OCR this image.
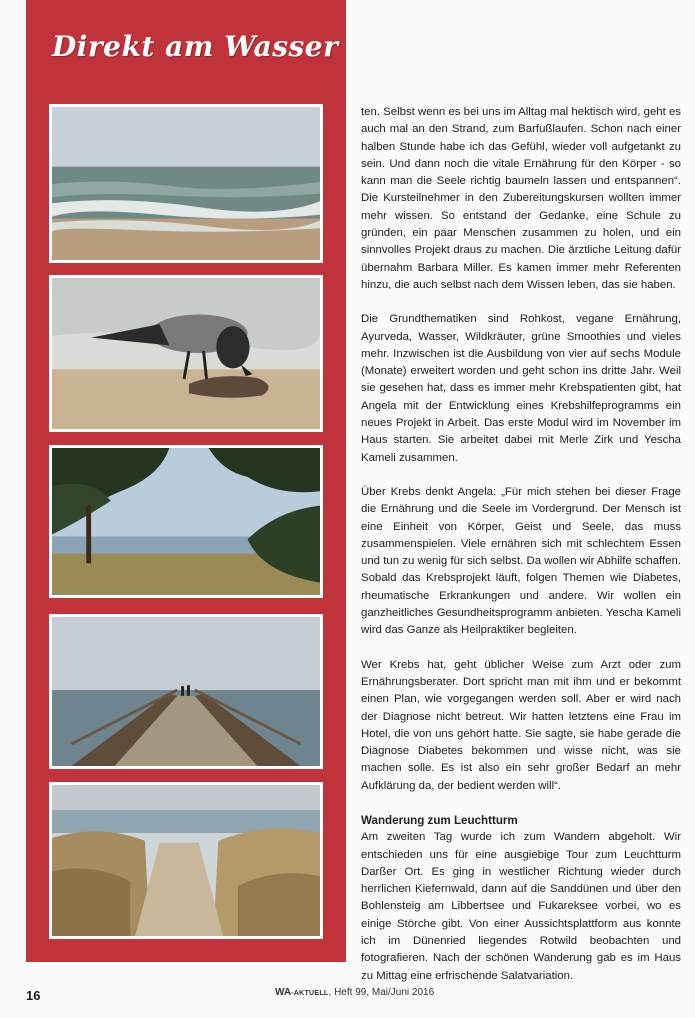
Direkt am Wasser

ten. Selbst wenn es bei uns im Alltag mal hektisch wird, geht es auch mal an den Strand, zum Barfußlaufen. Schon nach einer halben Stunde habe ich das Gefühl, wieder voll aufgetankt zu sein. Und dann noch die vitale Ernährung für den Körper - so kann man die Seele richtig baumeln lassen und entspannen“. Die Kursteilnehmer in den Zubereitungskursen wollten immer mehr wissen. So entstand der Gedanke, eine Schule zu gründen, ein paar Menschen zusammen zu holen, und ein sinnvolles Projekt draus zu machen. Die ärztliche Leitung dafür übernahm Barbara Miller. Es kamen immer mehr Referenten hinzu, die auch selbst nach dem Wissen leben, das sie haben.

Die Grundthematiken sind Rohkost, vegane Ernährung, Ayurveda, Wasser, Wildkräuter, grüne Smoothies und vieles mehr. Inzwischen ist die Ausbildung von vier auf sechs Module (Monate) erweitert worden und geht schon ins dritte Jahr. Weil sie gesehen hat, dass es immer mehr Krebspatienten gibt, hat Angela mit der Entwicklung eines Krebshilfeprogramms ein neues Projekt in Arbeit. Das erste Modul wird im November im Haus starten. Sie arbeitet dabei mit Merle Zirk und Yescha Kameli zusammen.

Über Krebs denkt Angela: „Für mich stehen bei dieser Frage die Ernährung und die Seele im Vordergrund. Der Mensch ist eine Einheit von Körper, Geist und Seele, das muss zusammenspielen. Viele ernähren sich mit schlechtem Essen und tun zu wenig für sich selbst. Da wollen wir Abhilfe schaffen. Sobald das Krebsprojekt läuft, folgen Themen wie Diabetes, rheumatische Erkrankungen und andere. Wir wollen ein ganzheitliches Gesundheitsprogramm anbieten. Yescha Kameli wird das Ganze als Heilpraktiker begleiten.

Wer Krebs hat, geht üblicher Weise zum Arzt oder zum Ernährungsberater. Dort spricht man mit ihm und er bekommt einen Plan, wie vorgegangen werden soll. Aber er wird nach der Diagnose nicht betreut. Wir hatten letztens eine Frau im Hotel, die von uns gehört hatte. Sie sagte, sie habe gerade die Diagnose Diabetes bekommen und wisse nicht, was sie machen solle. Es ist also ein sehr großer Bedarf an mehr Aufklärung da, der bedient werden will“.

Wanderung zum Leuchtturm

Am zweiten Tag wurde ich zum Wandern abgeholt. Wir entschieden uns für eine ausgiebige Tour zum Leuchtturm Darßer Ort. Es ging in westlicher Richtung wieder durch herrlichen Kiefernwald, dann auf die Sanddünen und über den Bohlensteig am Libbertsee und Fukareksee vorbei, wo es einige Störche gibt. Von einer Aussichtsplattform aus konnte ich im Dünenried liegendes Rotwild beobachten und fotografieren. Nach der schönen Wanderung gab es im Haus zu Mittag eine erfrischende Salatvariation.

16	WA-AKTUELL, Heft 99, Mai/Juni 2016
